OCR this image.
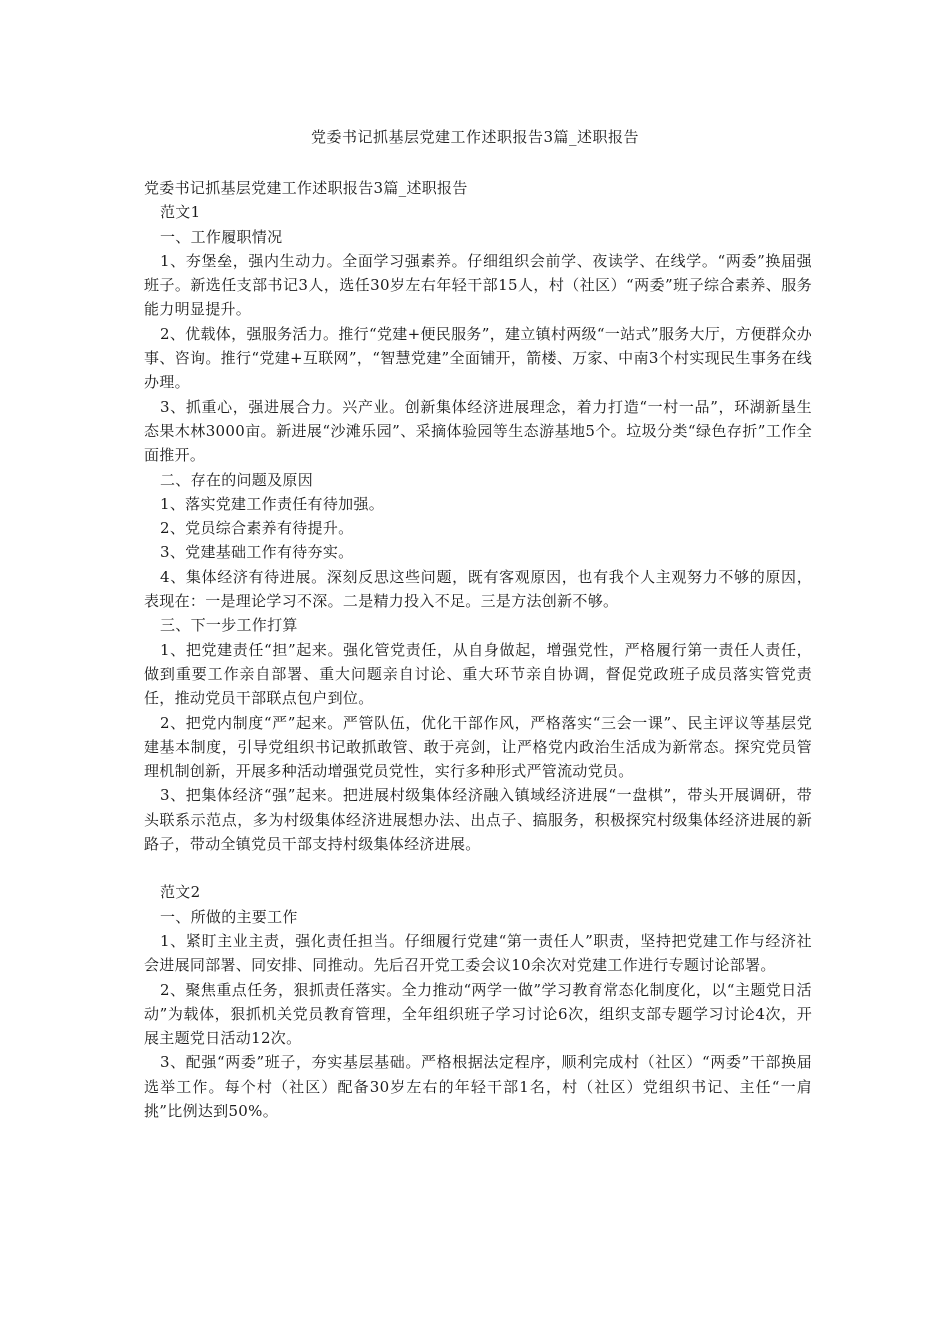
党委书记抓基层党建工作述职报告3篇_述职报告

党委书记抓基层党建工作述职报告3篇_述职报告

范文1

一、工作履职情况

1、夯堡垒，强内生动力。全面学习强素养。仔细组织会前学、夜读学、在线学。“两委”换届强班子。新选任支部书记3人，选任30岁左右年轻干部15人，村（社区）“两委”班子综合素养、服务能力明显提升。

2、优载体，强服务活力。推行“党建+便民服务”，建立镇村两级“一站式”服务大厅，方便群众办事、咨询。推行“党建+互联网”，“智慧党建”全面铺开，箭楼、万家、中南3个村实现民生事务在线办理。

3、抓重心，强进展合力。兴产业。创新集体经济进展理念，着力打造“一村一品”，环湖新垦生态果木林3000亩。新进展“沙滩乐园”、采摘体验园等生态游基地5个。垃圾分类“绿色存折”工作全面推开。

二、存在的问题及原因

1、落实党建工作责任有待加强。

2、党员综合素养有待提升。

3、党建基础工作有待夯实。

4、集体经济有待进展。深刻反思这些问题，既有客观原因，也有我个人主观努力不够的原因，表现在：一是理论学习不深。二是精力投入不足。三是方法创新不够。

三、下一步工作打算

1、把党建责任“担”起来。强化管党责任，从自身做起，增强党性，严格履行第一责任人责任，做到重要工作亲自部署、重大问题亲自讨论、重大环节亲自协调，督促党政班子成员落实管党责任，推动党员干部联点包户到位。

2、把党内制度“严”起来。严管队伍，优化干部作风，严格落实“三会一课”、民主评议等基层党建基本制度，引导党组织书记敢抓敢管、敢于亮剑，让严格党内政治生活成为新常态。探究党员管理机制创新，开展多种活动增强党员党性，实行多种形式严管流动党员。

3、把集体经济“强”起来。把进展村级集体经济融入镇域经济进展“一盘棋”，带头开展调研，带头联系示范点，多为村级集体经济进展想办法、出点子、搞服务，积极探究村级集体经济进展的新路子，带动全镇党员干部支持村级集体经济进展。

范文2

一、所做的主要工作

1、紧盯主业主责，强化责任担当。仔细履行党建“第一责任人”职责，坚持把党建工作与经济社会进展同部署、同安排、同推动。先后召开党工委会议10余次对党建工作进行专题讨论部署。

2、聚焦重点任务，狠抓责任落实。全力推动“两学一做”学习教育常态化制度化，以“主题党日活动”为载体，狠抓机关党员教育管理，全年组织班子学习讨论6次，组织支部专题学习讨论4次，开展主题党日活动12次。

3、配强“两委”班子，夯实基层基础。严格根据法定程序，顺利完成村（社区）“两委”干部换届选举工作。每个村（社区）配备30岁左右的年轻干部1名，村（社区）党组织书记、主任“一肩挑”比例达到50%。
